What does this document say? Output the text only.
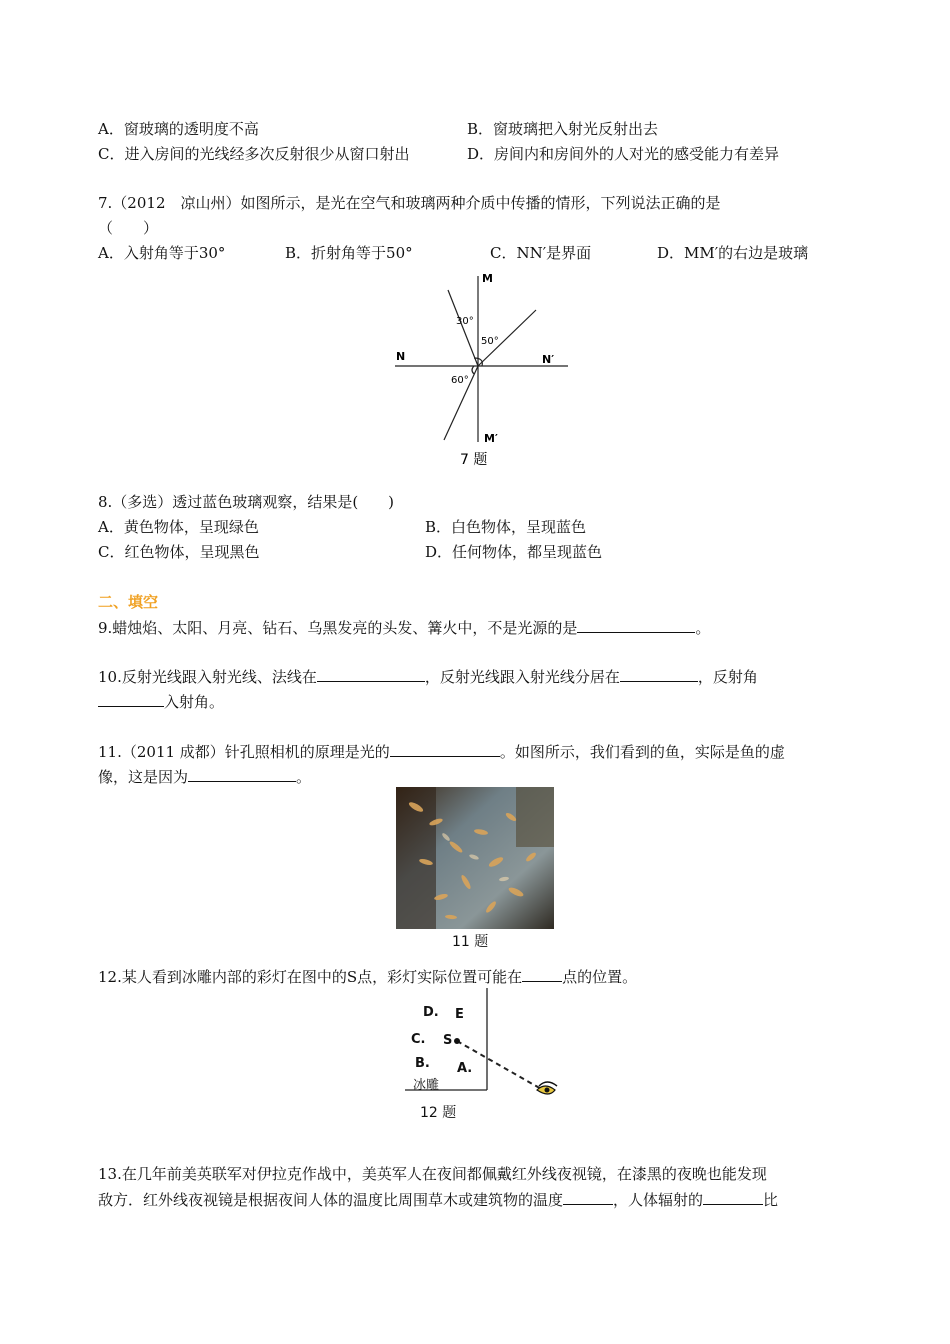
A．窗玻璃的透明度不高	B．窗玻璃把入射光反射出去
C．进入房间的光线经多次反射很少从窗口射出	D．房间内和房间外的人对光的感受能力有差异
7.（2012　凉山州）如图所示，是光在空气和玻璃两种介质中传播的情形，下列说法正确的是
（　　）
A．入射角等于30°	B．折射角等于50°	C．NN′是界面	D．MM′的右边是玻璃
M
M′
N	N′
30°
50°
60°
7 题
8.（多选）透过蓝色玻璃观察，结果是(　　)
A．黄色物体，呈现绿色	B．白色物体，呈现蓝色
C．红色物体，呈现黑色	D．任何物体，都呈现蓝色
二、填空
9.蜡烛焰、太阳、月亮、钻石、乌黑发亮的头发、篝火中，不是光源的是	。
10.反射光线跟入射光线、法线在	，反射光线跟入射光线分居在	，反射角
入射角。
11.（2011 成都）针孔照相机的原理是光的	。如图所示，我们看到的鱼，实际是鱼的虚
像，这是因为	。
11 题
12.某人看到冰雕内部的彩灯在图中的S点，彩灯实际位置可能在	点的位置。
D. E
C. S
B. A.
冰雕
12 题
13.在几年前美英联军对伊拉克作战中，美英军人在夜间都佩戴红外线夜视镜，在漆黑的夜晚也能发现
敌方．红外线夜视镜是根据夜间人体的温度比周围草木或建筑物的温度	，人体辐射的	比
